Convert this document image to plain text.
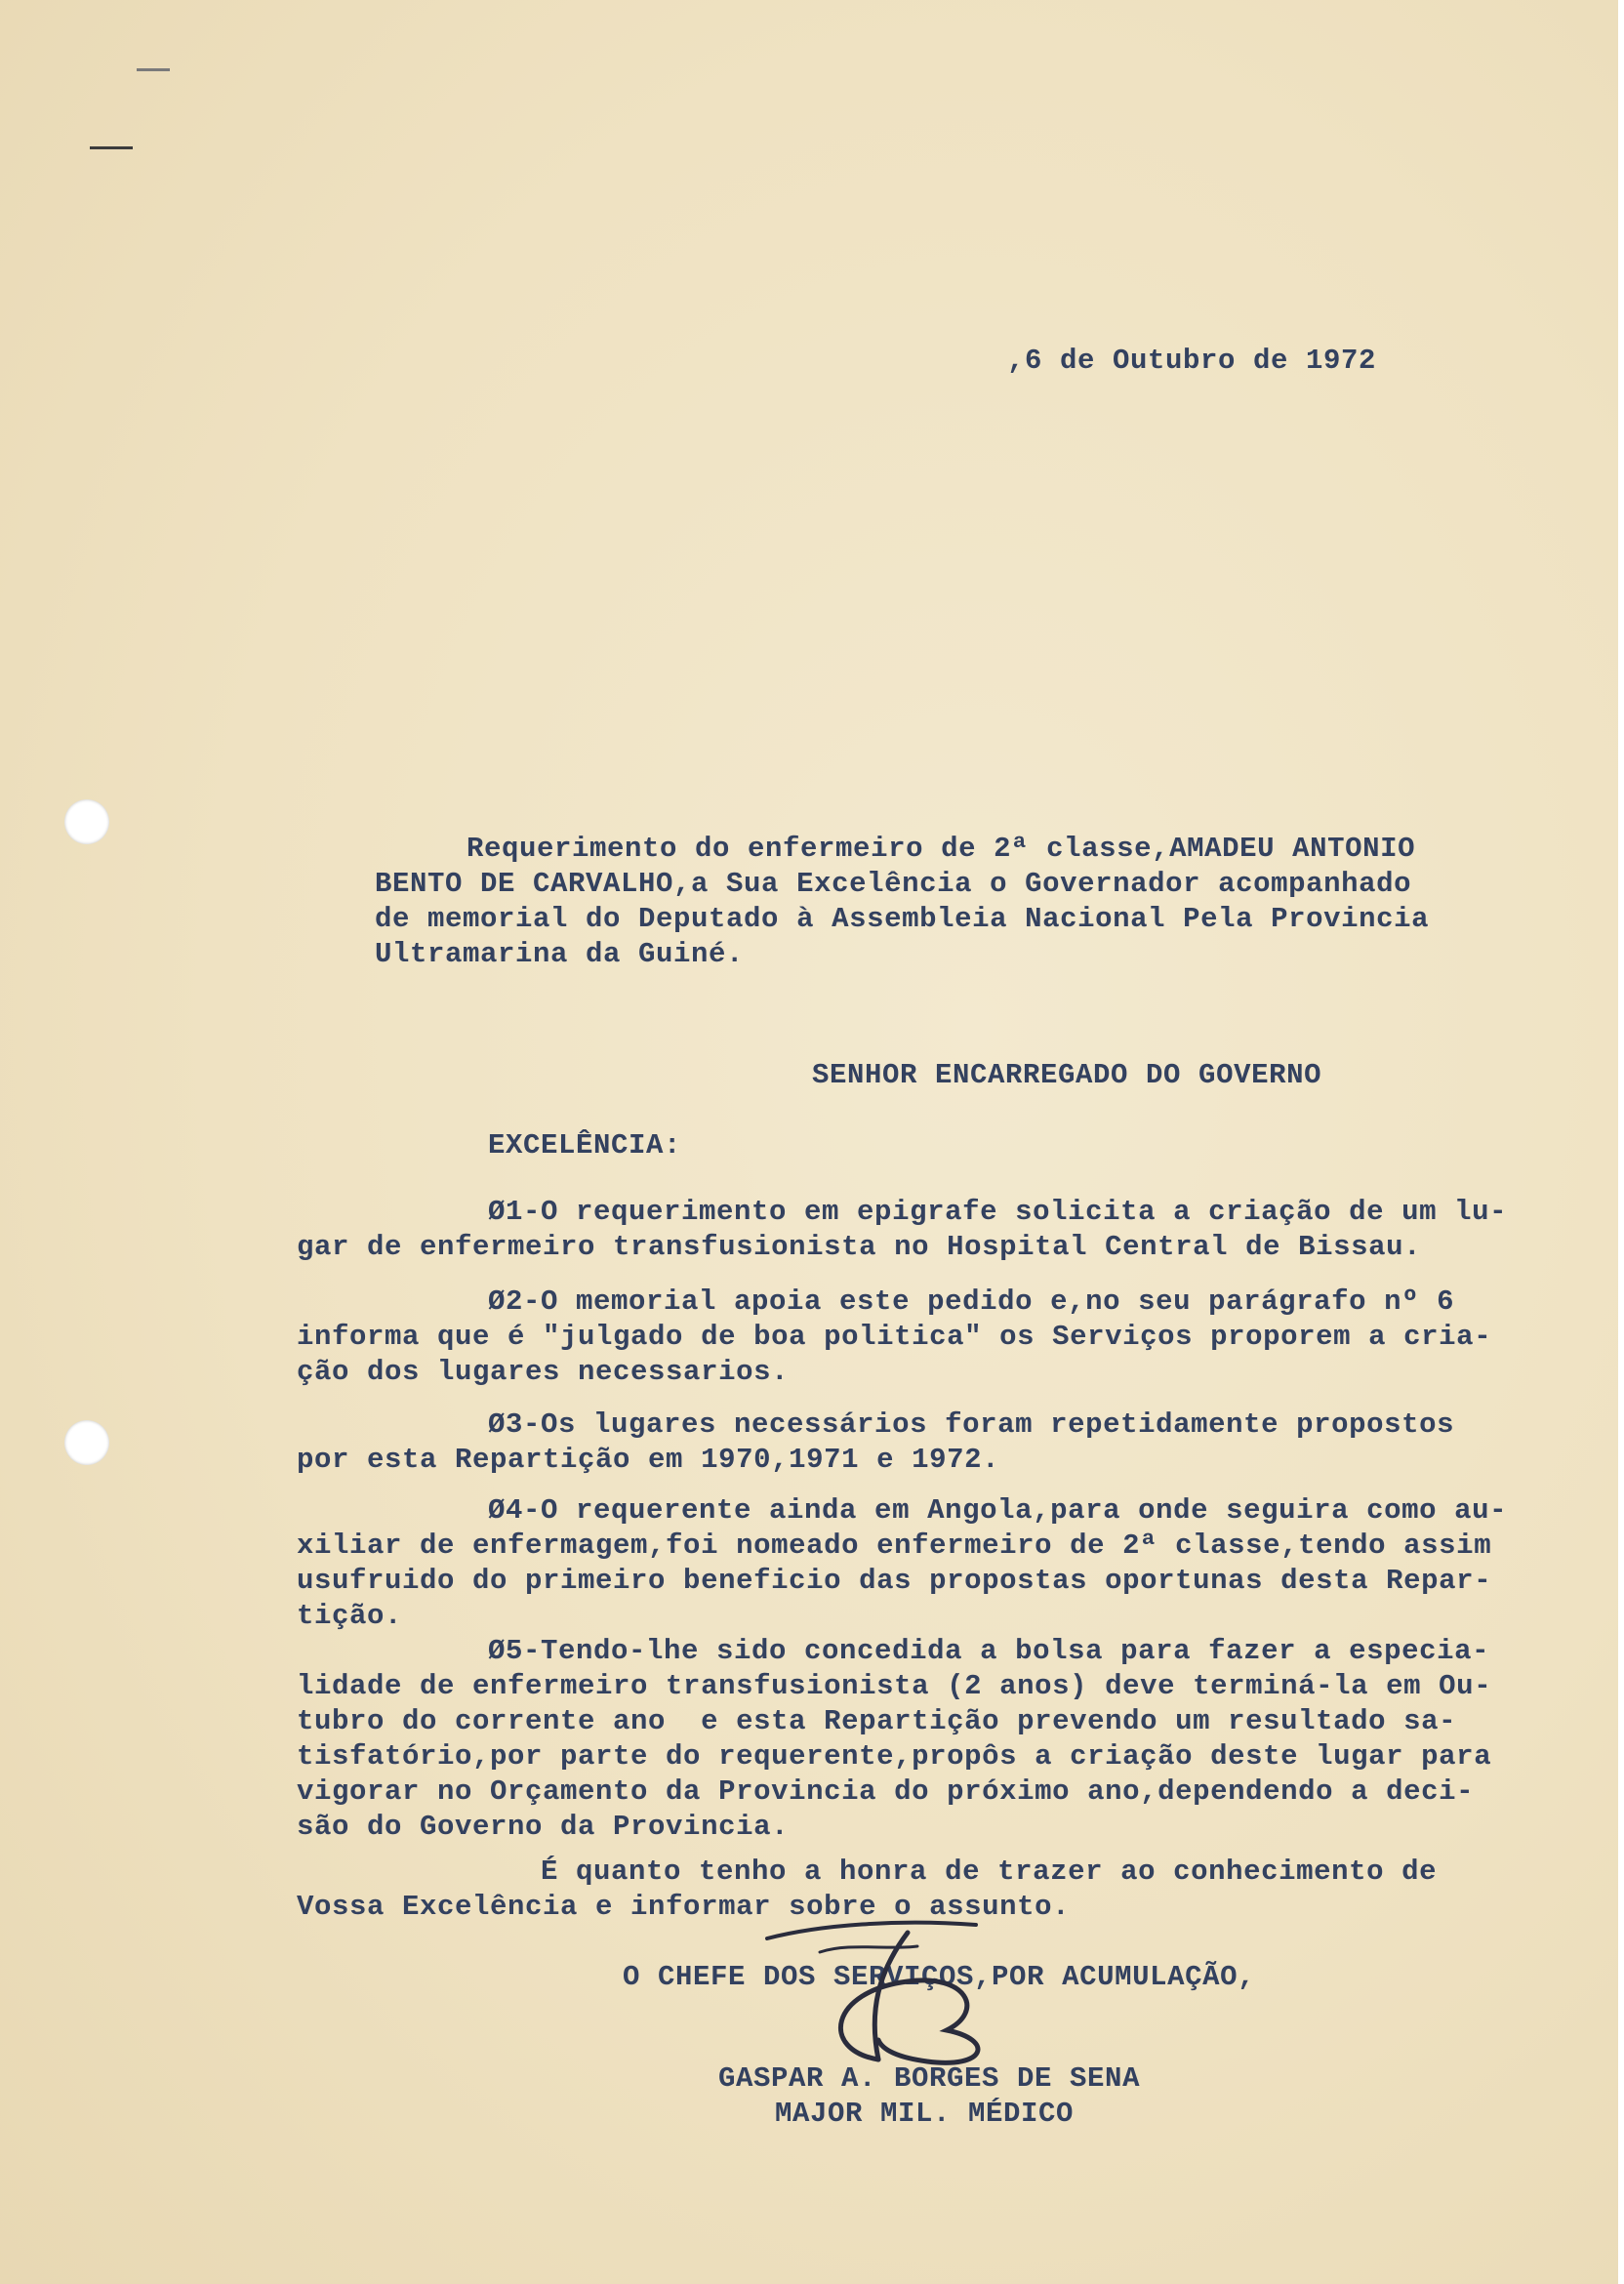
,6 de Outubro de 1972
Requerimento do enfermeiro de 2ª classe,AMADEU ANTONIO
BENTO DE CARVALHO,a Sua Excelência o Governador acompanhado
de memorial do Deputado à Assembleia Nacional Pela Provincia
Ultramarina da Guiné.
SENHOR ENCARREGADO DO GOVERNO
EXCELÊNCIA:
Ø1-O requerimento em epigrafe solicita a criação de um lu-
gar de enfermeiro transfusionista no Hospital Central de Bissau.
Ø2-O memorial apoia este pedido e,no seu parágrafo nº 6
informa que é "julgado de boa politica" os Serviços proporem a cria-
ção dos lugares necessarios.
Ø3-Os lugares necessários foram repetidamente propostos
por esta Repartição em 1970,1971 e 1972.
Ø4-O requerente ainda em Angola,para onde seguira como au-
xiliar de enfermagem,foi nomeado enfermeiro de 2ª classe,tendo assim
usufruido do primeiro beneficio das propostas oportunas desta Repar-
tição.
Ø5-Tendo-lhe sido concedida a bolsa para fazer a especia-
lidade de enfermeiro transfusionista (2 anos) deve terminá-la em Ou-
tubro do corrente ano  e esta Repartição prevendo um resultado sa-
tisfatório,por parte do requerente,propôs a criação deste lugar para
vigorar no Orçamento da Provincia do próximo ano,dependendo a deci-
são do Governo da Provincia.
É quanto tenho a honra de trazer ao conhecimento de
Vossa Excelência e informar sobre o assunto.
O CHEFE DOS SERVIÇOS,POR ACUMULAÇÃO,
GASPAR A. BORGES DE SENA
MAJOR MIL. MÉDICO
